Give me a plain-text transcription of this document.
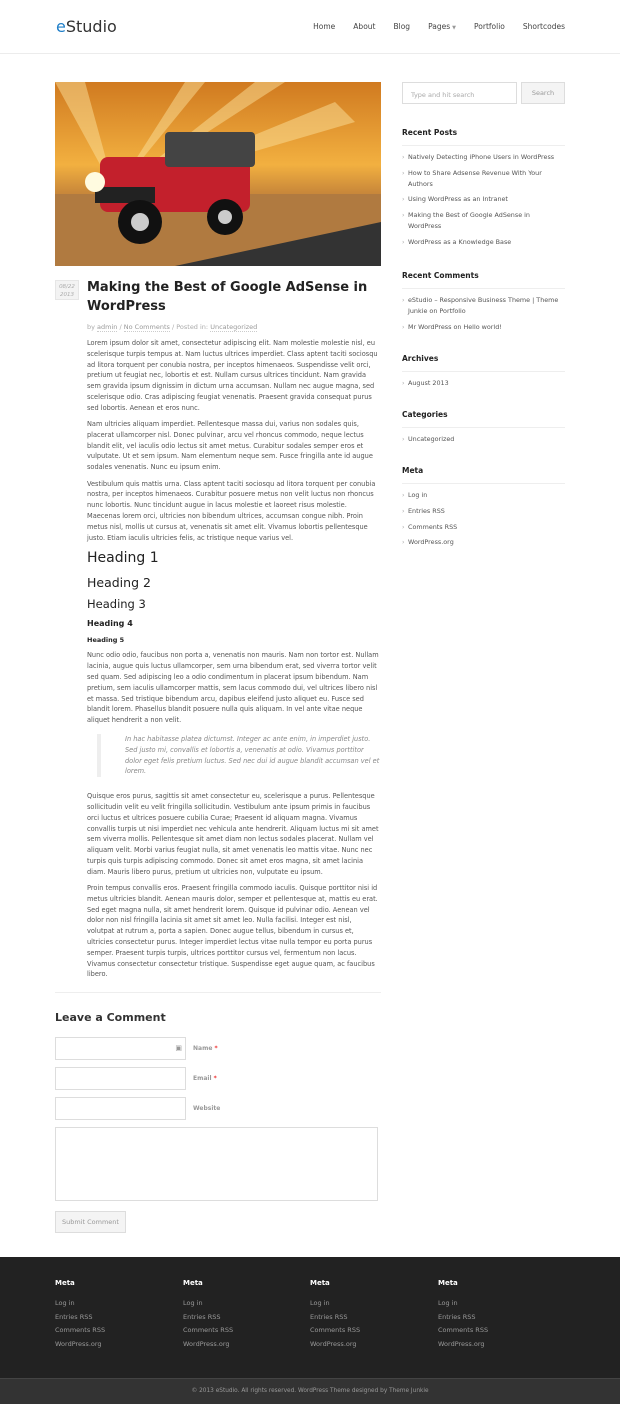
eStudio	Home About Blog Pages ▼ Portfolio Shortcodes
08/22
2013	Making the Best of Google AdSense in WordPress
by admin / No Comments / Posted in: Uncategorized

Lorem ipsum dolor sit amet, consectetur adipiscing elit. Nam molestie molestie nisl, eu scelerisque turpis tempus at. Nam luctus ultrices imperdiet. Class aptent taciti sociosqu ad litora torquent per conubia nostra, per inceptos himenaeos. Suspendisse velit orci, pretium ut feugiat nec, lobortis et est. Nullam cursus ultrices tincidunt. Nam gravida sem gravida ipsum dignissim in dictum urna accumsan. Nullam nec augue magna, sed scelerisque odio. Cras adipiscing feugiat venenatis. Praesent gravida consequat purus sed lobortis. Aenean et eros nunc.

Nam ultricies aliquam imperdiet. Pellentesque massa dui, varius non sodales quis, placerat ullamcorper nisl. Donec pulvinar, arcu vel rhoncus commodo, neque lectus blandit elit, vel iaculis odio lectus sit amet metus. Curabitur sodales semper eros et vulputate. Ut et sem ipsum. Nam elementum neque sem. Fusce fringilla ante id augue sodales venenatis. Nunc eu ipsum enim.

Vestibulum quis mattis urna. Class aptent taciti sociosqu ad litora torquent per conubia nostra, per inceptos himenaeos. Curabitur posuere metus non velit luctus non rhoncus nunc lobortis. Nunc tincidunt augue in lacus molestie et laoreet risus molestie. Maecenas lorem orci, ultricies non bibendum ultrices, accumsan congue nibh. Proin metus nisl, mollis ut cursus at, venenatis sit amet elit. Vivamus lobortis pellentesque justo. Etiam iaculis ultricies felis, ac tristique neque varius vel.

Heading 1
Heading 2
Heading 3
Heading 4
Heading 5

Nunc odio odio, faucibus non porta a, venenatis non mauris. Nam non tortor est. Nullam lacinia, augue quis luctus ullamcorper, sem urna bibendum erat, sed viverra tortor velit sed quam. Sed adipiscing leo a odio condimentum in placerat ipsum bibendum. Nam pretium, sem iaculis ullamcorper mattis, sem lacus commodo dui, vel ultrices libero nisl et massa. Sed tristique bibendum arcu, dapibus eleifend justo aliquet eu. Fusce sed blandit lorem. Phasellus blandit posuere nulla quis aliquam. In vel ante vitae neque aliquet hendrerit a non velit.

In hac habitasse platea dictumst. Integer ac ante enim, in imperdiet justo. Sed justo mi, convallis et lobortis a, venenatis at odio. Vivamus porttitor dolor eget felis pretium luctus. Sed nec dui id augue blandit accumsan vel et lorem.

Quisque eros purus, sagittis sit amet consectetur eu, scelerisque a purus. Pellentesque sollicitudin velit eu velit fringilla sollicitudin. Vestibulum ante ipsum primis in faucibus orci luctus et ultrices posuere cubilia Curae; Praesent id aliquam magna. Vivamus convallis turpis ut nisi imperdiet nec vehicula ante hendrerit. Aliquam luctus mi sit amet sem viverra mollis. Pellentesque sit amet diam non lectus sodales placerat. Nullam vel aliquam velit. Morbi varius feugiat nulla, sit amet venenatis leo mattis vitae. Nunc nec turpis quis turpis adipiscing commodo. Donec sit amet eros magna, sit amet lacinia diam. Mauris libero purus, pretium ut ultricies non, vulputate eu ipsum.

Proin tempus convallis eros. Praesent fringilla commodo iaculis. Quisque porttitor nisi id metus ultricies blandit. Aenean mauris dolor, semper et pellentesque at, mattis eu erat. Sed eget magna nulla, sit amet hendrerit lorem. Quisque id pulvinar odio. Aenean vel dolor non nisl fringilla lacinia sit amet sit amet leo. Nulla facilisi. Integer est nisl, volutpat at rutrum a, porta a sapien. Donec augue tellus, bibendum in cursus et, ultricies consectetur purus. Integer imperdiet lectus vitae nulla tempor eu porta purus semper. Praesent turpis turpis, ultrices porttitor cursus vel, fermentum non lacus. Vivamus consectetur consectetur tristique. Suspendisse eget augue quam, ac faucibus libero.

Leave a Comment
▣ Name *
Email *
Website
Submit Comment
Type and hit search	Search
Recent Posts
› Natively Detecting iPhone Users in WordPress
› How to Share Adsense Revenue With Your Authors
› Using WordPress as an Intranet
› Making the Best of Google AdSense in WordPress
› WordPress as a Knowledge Base
Recent Comments
› eStudio – Responsive Business Theme | Theme Junkie on Portfolio
› Mr WordPress on Hello world!
Archives
› August 2013
Categories
› Uncategorized
Meta
› Log in
› Entries RSS
› Comments RSS
› WordPress.org
Meta
Log in
Entries RSS
Comments RSS
WordPress.org
Meta
Log in
Entries RSS
Comments RSS
WordPress.org
Meta
Log in
Entries RSS
Comments RSS
WordPress.org
Meta
Log in
Entries RSS
Comments RSS
WordPress.org
© 2013 eStudio. All rights reserved. WordPress Theme designed by Theme Junkie
